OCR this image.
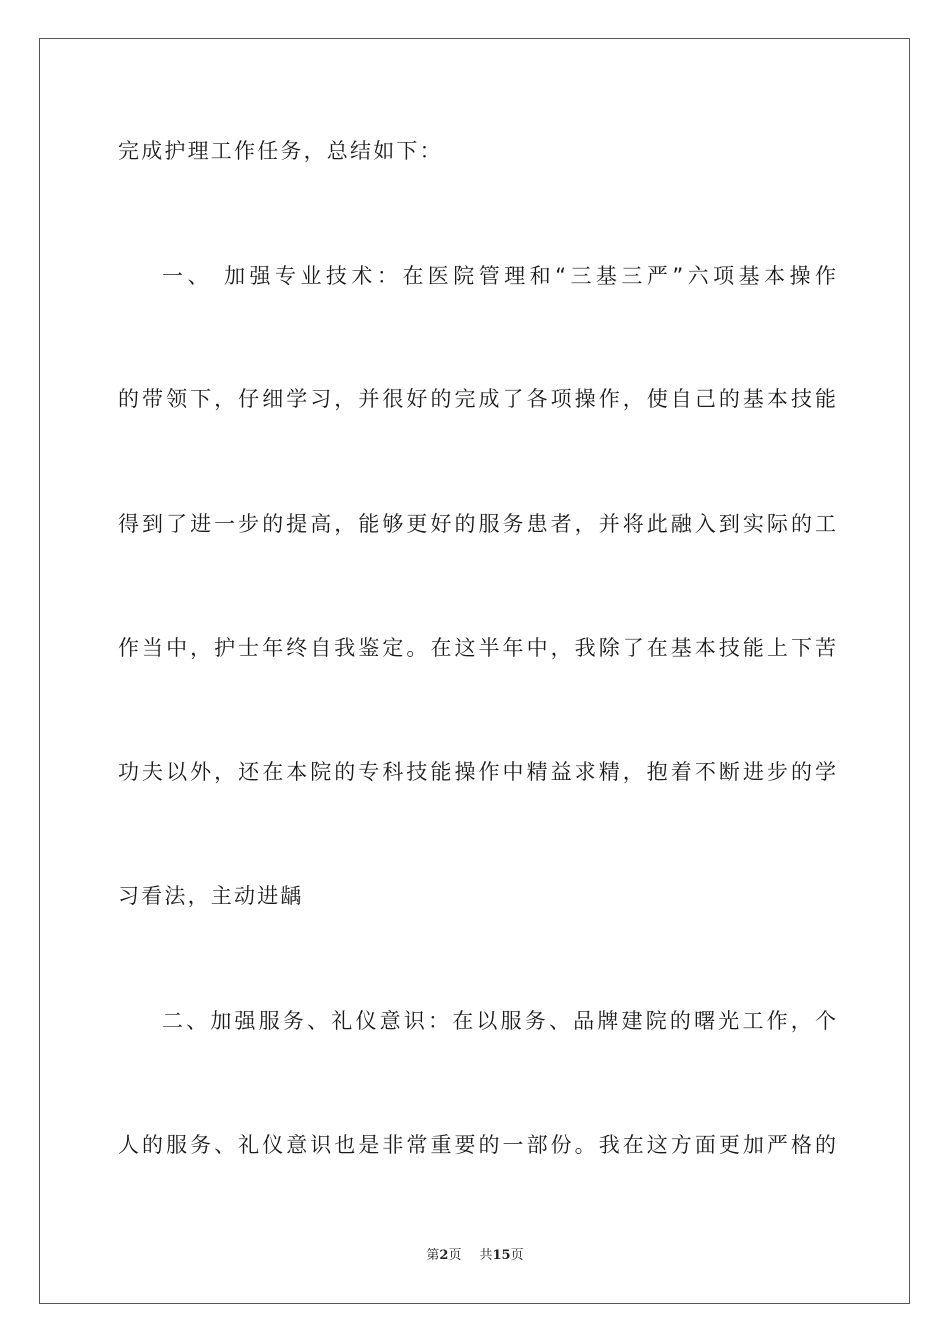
完成护理工作任务，总结如下：
一、 加强专业技术：在医院管理和“三基三严”六项基本操作
的带领下，仔细学习，并很好的完成了各项操作，使自己的基本技能
得到了进一步的提高，能够更好的服务患者，并将此融入到实际的工
作当中，护士年终自我鉴定。在这半年中，我除了在基本技能上下苦
功夫以外，还在本院的专科技能操作中精益求精，抱着不断进步的学
习看法，主动进龋
二、加强服务、礼仪意识：在以服务、品牌建院的曙光工作，个
人的服务、礼仪意识也是非常重要的一部份。我在这方面更加严格的
第2页 共15页
